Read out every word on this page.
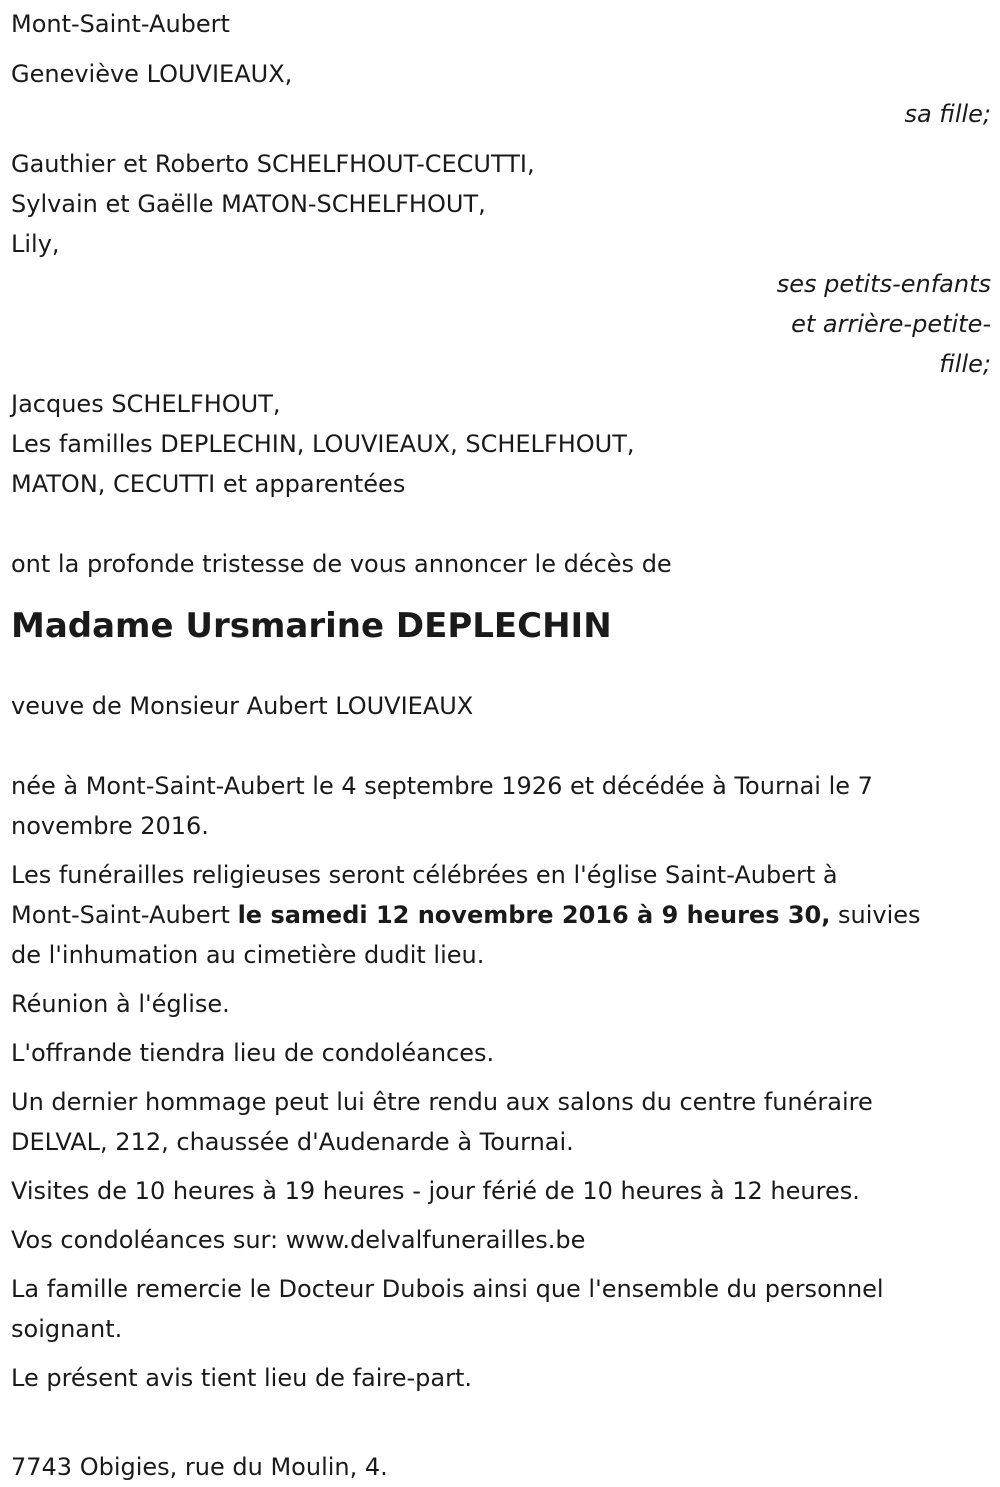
Mont-Saint-Aubert
Geneviève LOUVIEAUX,
sa fille;
Gauthier et Roberto SCHELFHOUT-CECUTTI,
Sylvain et Gaëlle MATON-SCHELFHOUT,
Lily,
ses petits-enfants
et arrière-petite-
fille;
Jacques SCHELFHOUT,
Les familles DEPLECHIN, LOUVIEAUX, SCHELFHOUT,
MATON, CECUTTI et apparentées
ont la profonde tristesse de vous annoncer le décès de
Madame Ursmarine DEPLECHIN
veuve de Monsieur Aubert LOUVIEAUX
née à Mont-Saint-Aubert le 4 septembre 1926 et décédée à Tournai le 7
novembre 2016.
Les funérailles religieuses seront célébrées en l'église Saint-Aubert à
Mont-Saint-Aubert le samedi 12 novembre 2016 à 9 heures 30, suivies
de l'inhumation au cimetière dudit lieu.
Réunion à l'église.
L'offrande tiendra lieu de condoléances.
Un dernier hommage peut lui être rendu aux salons du centre funéraire
DELVAL, 212, chaussée d'Audenarde à Tournai.
Visites de 10 heures à 19 heures - jour férié de 10 heures à 12 heures.
Vos condoléances sur: www.delvalfunerailles.be
La famille remercie le Docteur Dubois ainsi que l'ensemble du personnel
soignant.
Le présent avis tient lieu de faire-part.
7743 Obigies, rue du Moulin, 4.
